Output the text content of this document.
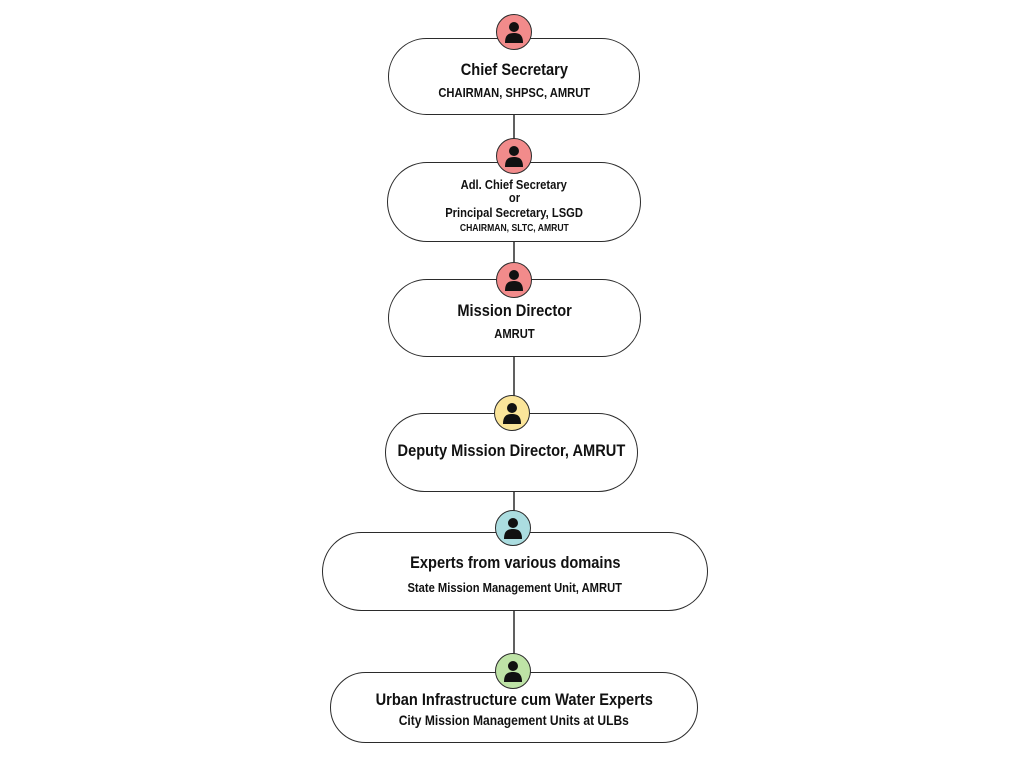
Chief Secretary
CHAIRMAN, SHPSC, AMRUT
Adl. Chief Secretary
or
Principal Secretary, LSGD
CHAIRMAN, SLTC, AMRUT
Mission Director
AMRUT
Deputy Mission Director, AMRUT
Experts from various domains
State Mission Management Unit, AMRUT
Urban Infrastructure cum Water Experts
City Mission Management Units at ULBs
